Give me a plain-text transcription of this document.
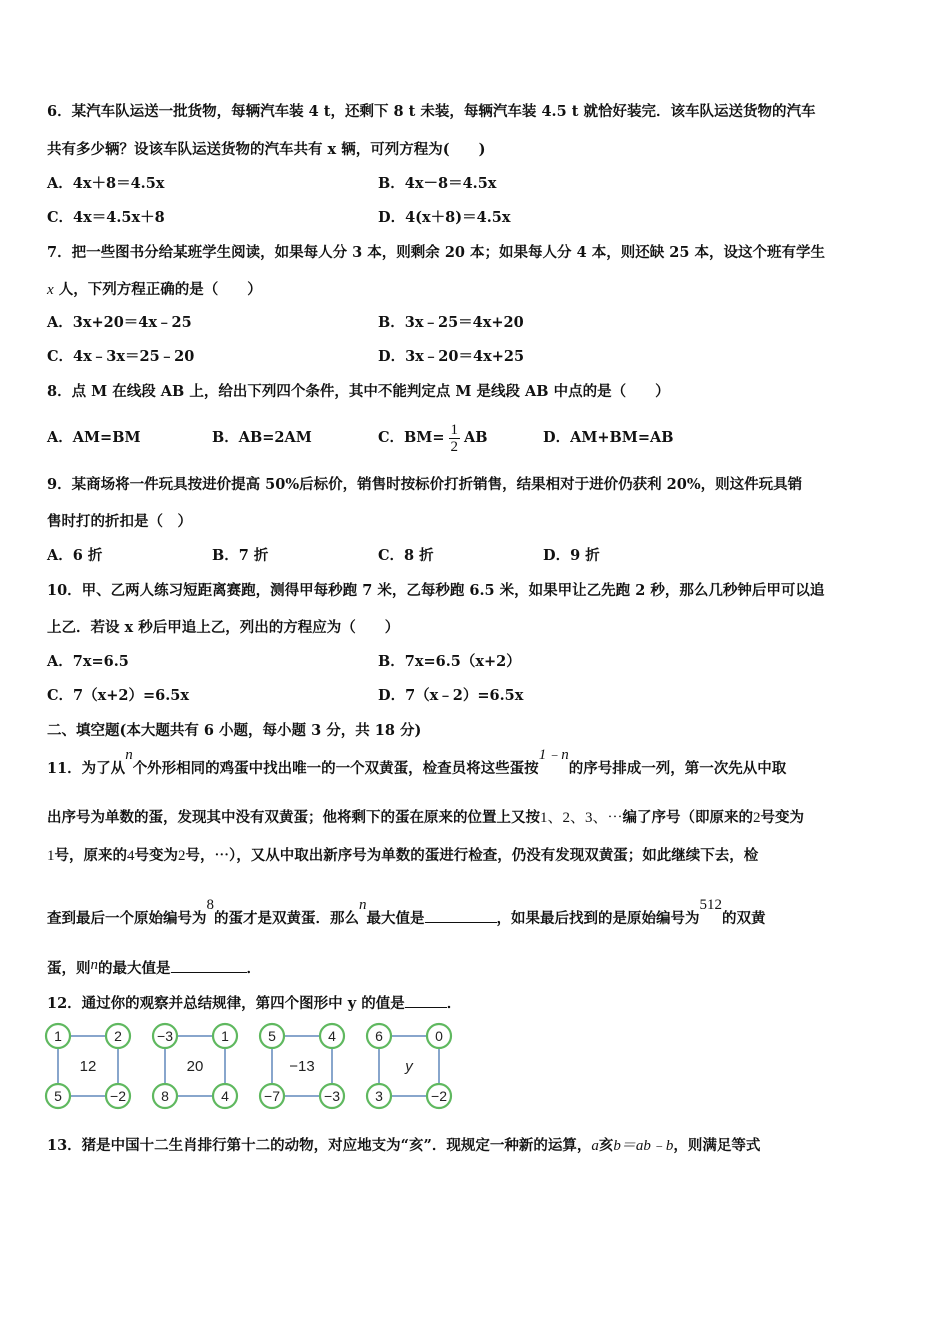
6．某汽车队运送一批货物，每辆汽车装 4 t，还剩下 8 t 未装，每辆汽车装 4.5 t 就恰好装完．该车队运送货物的汽车
共有多少辆？设该车队运送货物的汽车共有 x 辆，可列方程为(　　)
A．4x＋8＝4.5x	B．4x－8＝4.5x
C．4x＝4.5x＋8	D．4(x＋8)＝4.5x
7．把一些图书分给某班学生阅读，如果每人分 3 本，则剩余 20 本；如果每人分 4 本，则还缺 25 本，设这个班有学生
x 人，下列方程正确的是（　　）
A．3x+20＝4x﹣25	B．3x﹣25＝4x+20
C．4x﹣3x＝25﹣20	D．3x﹣20＝4x+25
8．点 M 在线段 AB 上，给出下列四个条件，其中不能判定点 M 是线段 AB 中点的是（　　）
A．AM=BM	B．AB=2AM	C．$BM= \frac{1}{2}$ AB	D．AM+BM=AB
9．某商场将一件玩具按进价提高 50%后标价，销售时按标价打折销售，结果相对于进价仍获利 20%，则这件玩具销
售时打的折扣是（　）
A．6 折	B．7 折	C．8 折	D．9 折
10．甲、乙两人练习短距离赛跑，测得甲每秒跑 7 米，乙每秒跑 6.5 米，如果甲让乙先跑 2 秒，那么几秒钟后甲可以追
上乙．若设 x 秒后甲追上乙，列出的方程应为（　　）
A．7x=6.5	B．7x=6.5（x+2）
C．7（x+2）=6.5x	D．7（x﹣2）=6.5x
二、填空题(本大题共有 6 小题，每小题 3 分，共 18 分)
11．为了从n个外形相同的鸡蛋中找出唯一的一个双黄蛋，检查员将这些蛋按1﹣n的序号排成一列，第一次先从中取
出序号为单数的蛋，发现其中没有双黄蛋；他将剩下的蛋在原来的位置上又按1、2、3、⋯编了序号（即原来的2号变为
1号，原来的4号变为2号，⋯），又从中取出新序号为单数的蛋进行检查，仍没有发现双黄蛋；如此继续下去，检
查到最后一个原始编号为8的蛋才是双黄蛋．那么n最大值是	，如果最后找到的是原始编号为512的双黄
蛋，则n的最大值是	．
12．通过你的观察并总结规律，第四个图形中 y 的值是	．
1	2
5	−2
12
−3	1
8	4
20
5	4
−7	−3
−13
6	0
3	−2
y
13．猪是中国十二生肖排行第十二的动物，对应地支为“亥”．现规定一种新的运算，a亥b＝ab﹣b，则满足等式
